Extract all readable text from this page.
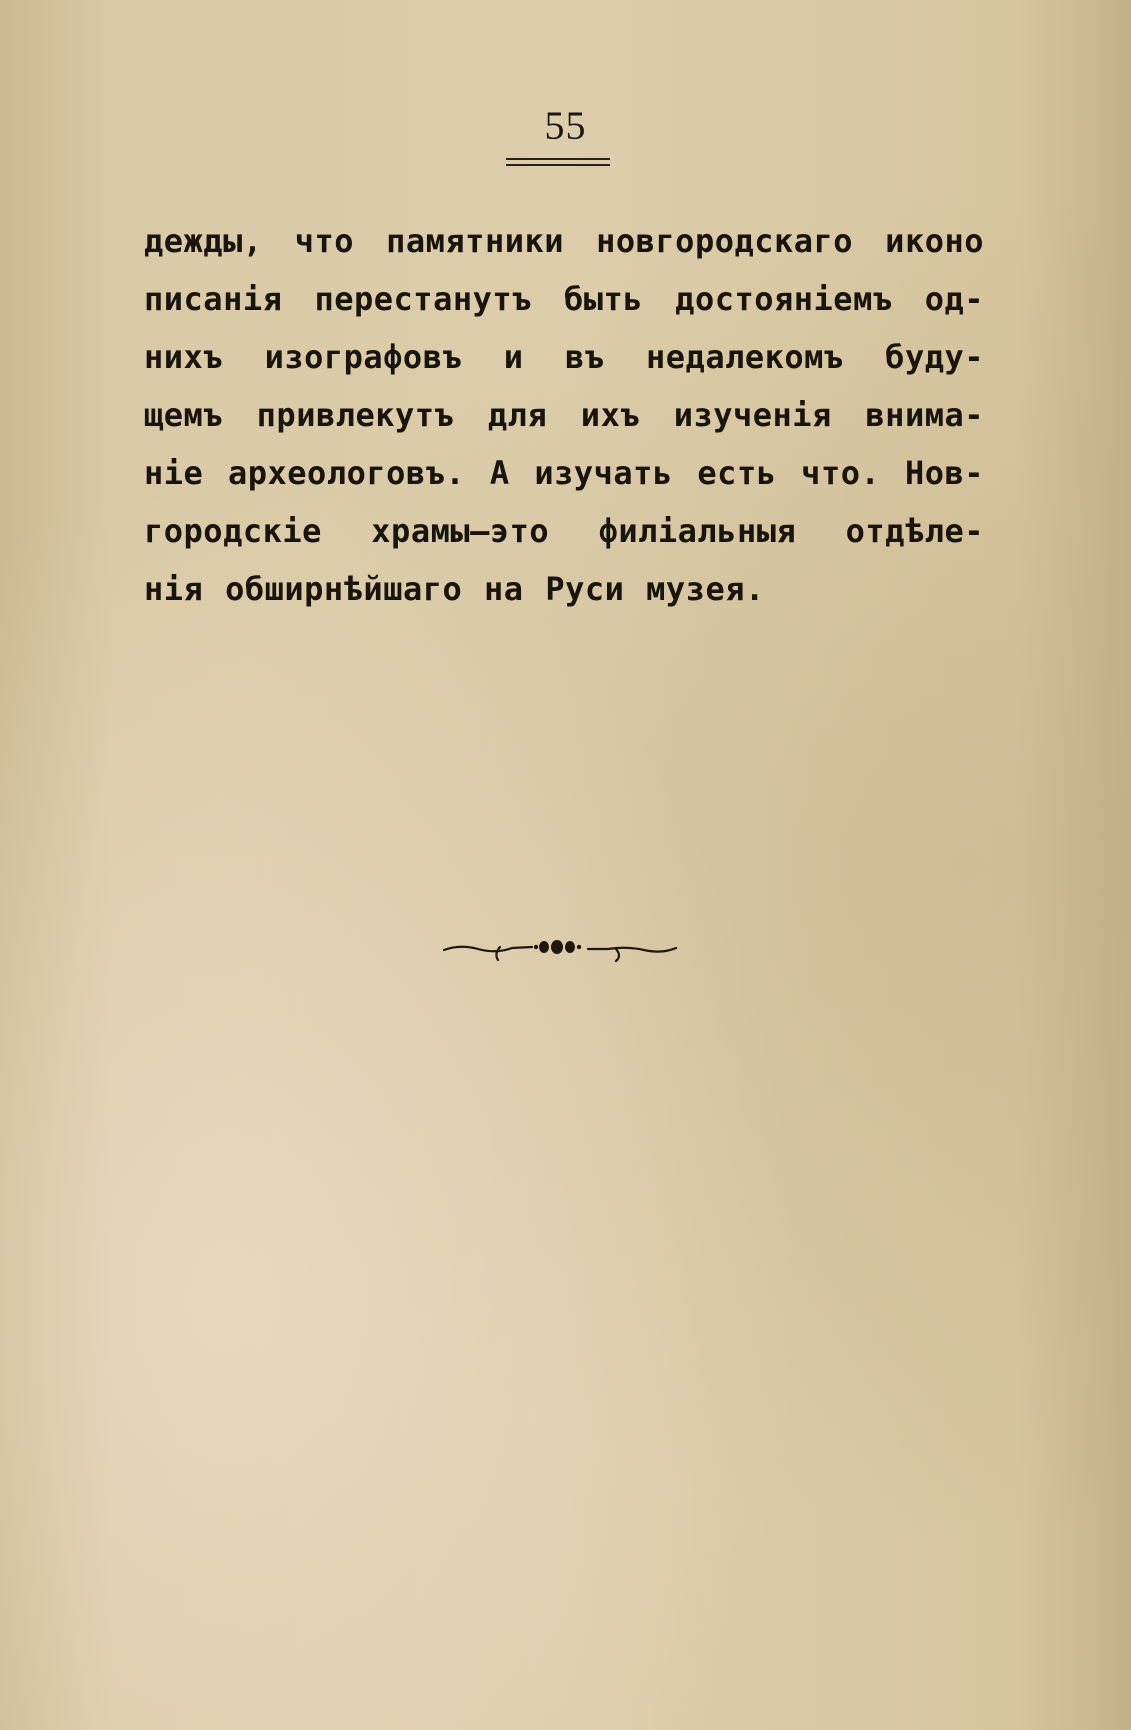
55
дежды, что памятники новгородскаго иконо
писанія перестанутъ быть достояніемъ од-
нихъ изографовъ и въ недалекомъ буду-
щемъ привлекутъ для ихъ изученія внима-
ніе археологовъ. А изучать есть что. Нов-
городскіе храмы—это филіальныя отдѣле-
нія обширнѣйшаго на Руси музея.
